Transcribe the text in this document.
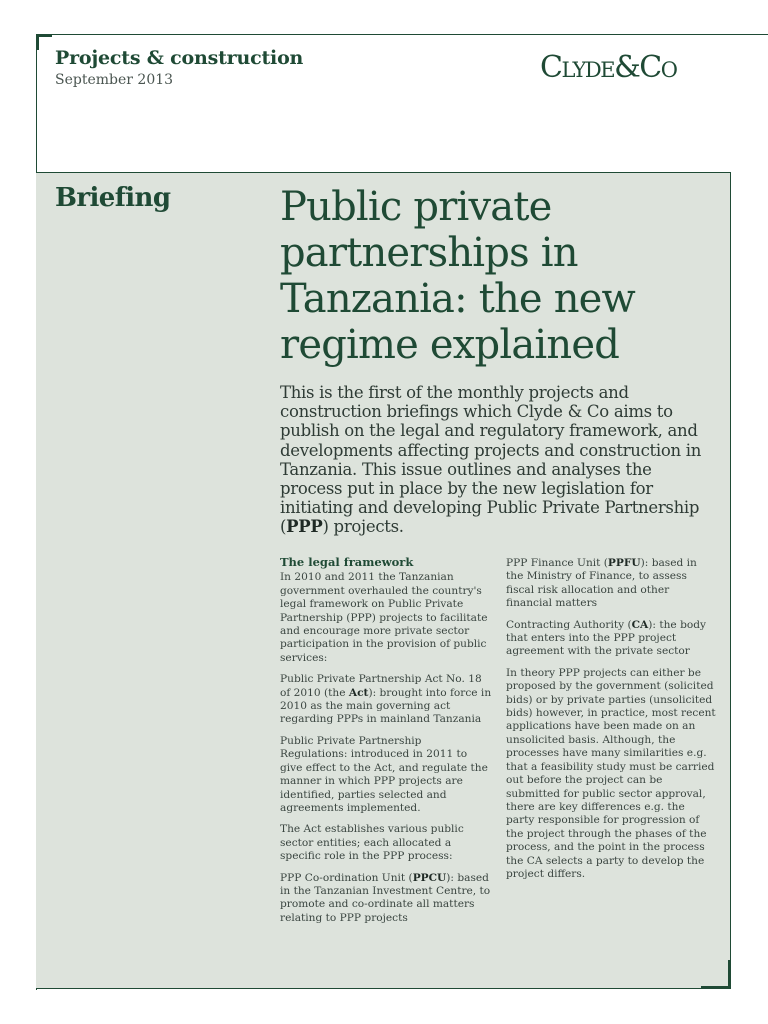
Projects & construction
September 2013	Clyde&Co
Briefing	Public private partnerships in Tanzania: the new regime explained

This is the first of the monthly projects and construction briefings which Clyde & Co aims to publish on the legal and regulatory framework, and developments affecting projects and construction in Tanzania. This issue outlines and analyses the process put in place by the new legislation for initiating and developing Public Private Partnership (PPP) projects.

The legal framework

In 2010 and 2011 the Tanzanian government overhauled the country's legal framework on Public Private Partnership (PPP) projects to facilitate and encourage more private sector participation in the provision of public services:

Public Private Partnership Act No. 18 of 2010 (the Act): brought into force in 2010 as the main governing act regarding PPPs in mainland Tanzania

Public Private Partnership Regulations: introduced in 2011 to give effect to the Act, and regulate the manner in which PPP projects are identified, parties selected and agreements implemented.

The Act establishes various public sector entities; each allocated a specific role in the PPP process:

PPP Co-ordination Unit (PPCU): based in the Tanzanian Investment Centre, to promote and co-ordinate all matters relating to PPP projects

PPP Finance Unit (PPFU): based in the Ministry of Finance, to assess fiscal risk allocation and other financial matters

Contracting Authority (CA): the body that enters into the PPP project agreement with the private sector

In theory PPP projects can either be proposed by the government (solicited bids) or by private parties (unsolicited bids) however, in practice, most recent applications have been made on an unsolicited basis. Although, the processes have many similarities e.g. that a feasibility study must be carried out before the project can be submitted for public sector approval, there are key differences e.g. the party responsible for progression of the project through the phases of the process, and the point in the process the CA selects a party to develop the project differs.
